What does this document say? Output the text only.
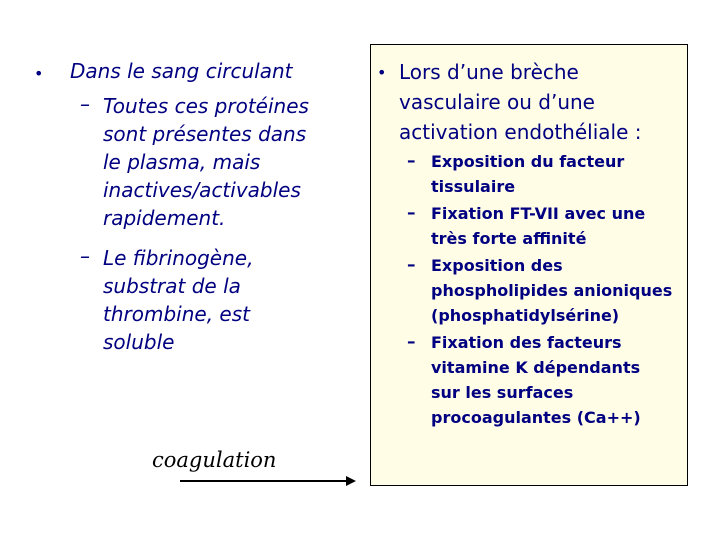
• Dans le sang circulant
– Toutes ces protéines
sont présentes dans
le plasma, mais
inactives/activables
rapidement.
– Le fibrinogène,
substrat de la
thrombine, est
soluble
coagulation
• Lors d’une brèche
vasculaire ou d’une
activation endothéliale :
– Exposition du facteur
tissulaire
– Fixation FT-VII avec une
très forte affinité
– Exposition des
phospholipides anioniques
(phosphatidylsérine)
– Fixation des facteurs
vitamine K dépendants
sur les surfaces
procoagulantes (Ca++)
